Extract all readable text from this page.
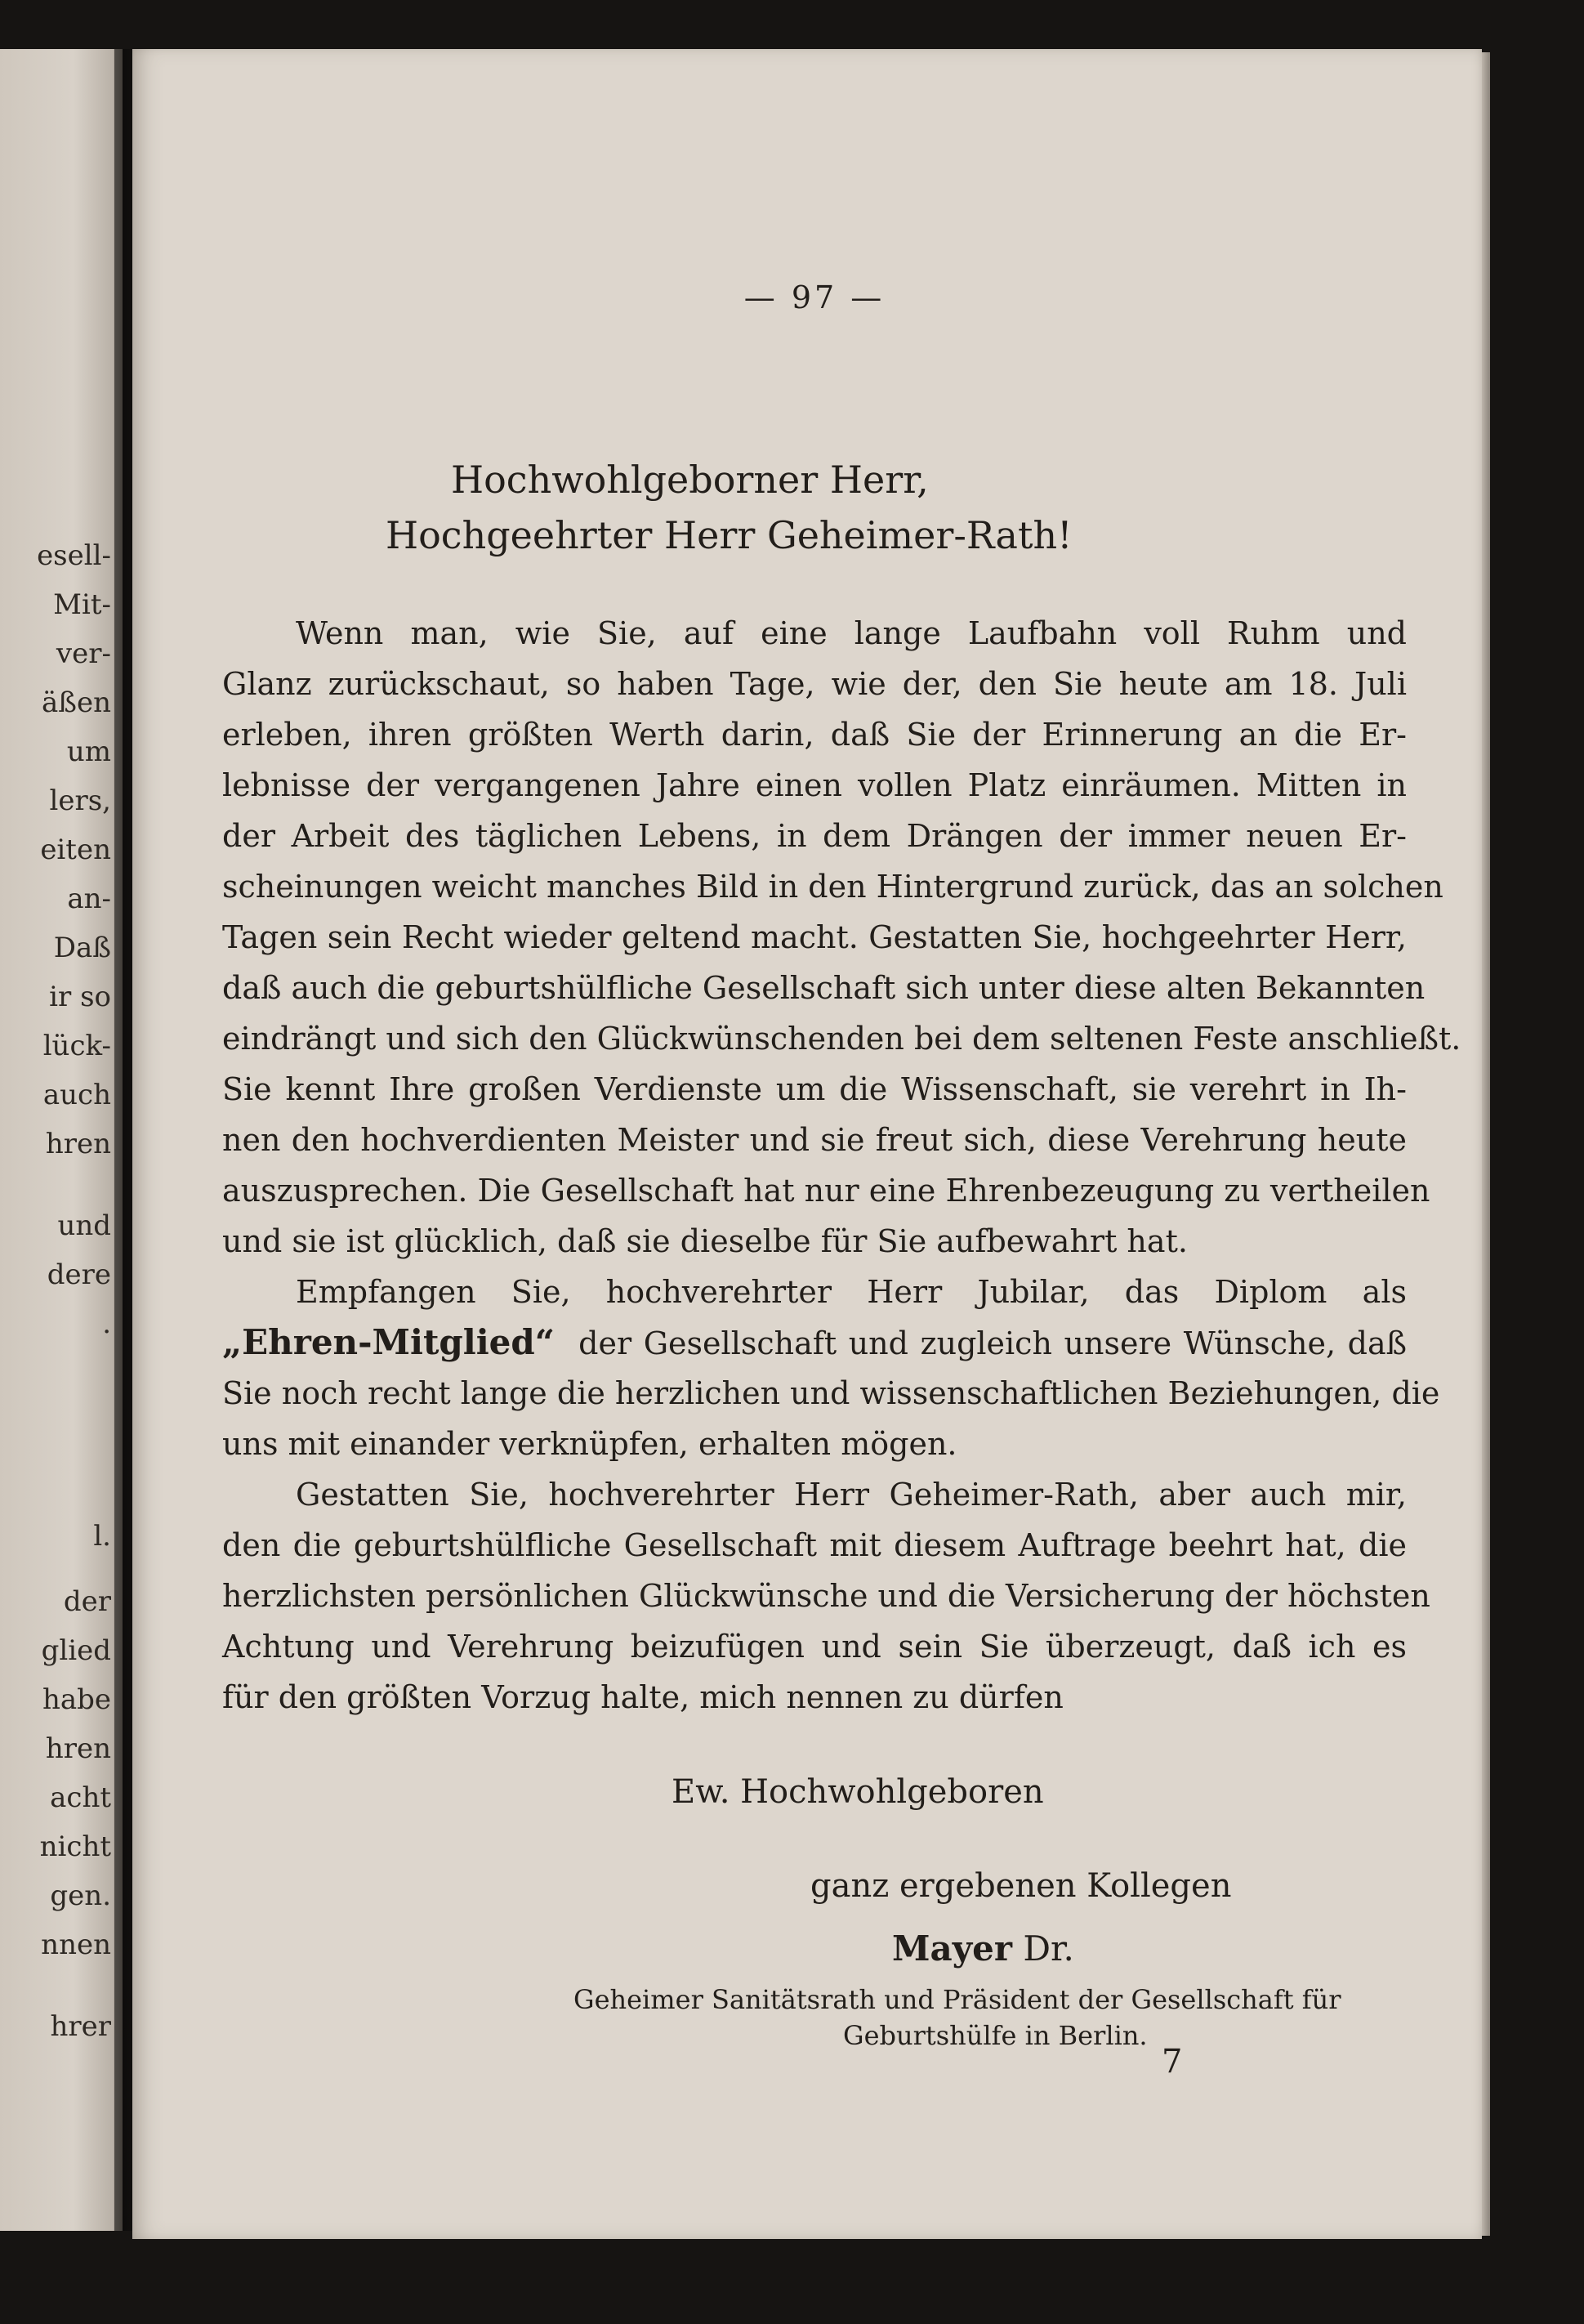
esell-
Mit-
ver-
äßen
um
lers,
eiten
an-
Daß
ir so
lück-
auch
hren
und
dere
.
l.
der
glied
habe
hren
acht
nicht
gen.
nnen
hrer
— 97 —
Hochwohlgeborner Herr,
Hochgeehrter Herr Geheimer-Rath!
Wenn man, wie Sie, auf eine lange Laufbahn voll Ruhm und
Glanz zurückschaut, so haben Tage, wie der, den Sie heute am 18. Juli
erleben, ihren größten Werth darin, daß Sie der Erinnerung an die Er-
lebnisse der vergangenen Jahre einen vollen Platz einräumen. Mitten in
der Arbeit des täglichen Lebens, in dem Drängen der immer neuen Er-
scheinungen weicht manches Bild in den Hintergrund zurück, das an solchen
Tagen sein Recht wieder geltend macht. Gestatten Sie, hochgeehrter Herr,
daß auch die geburtshülfliche Gesellschaft sich unter diese alten Bekannten
eindrängt und sich den Glückwünschenden bei dem seltenen Feste anschließt.
Sie kennt Ihre großen Verdienste um die Wissenschaft, sie verehrt in Ih-
nen den hochverdienten Meister und sie freut sich, diese Verehrung heute
auszusprechen. Die Gesellschaft hat nur eine Ehrenbezeugung zu vertheilen
und sie ist glücklich, daß sie dieselbe für Sie aufbewahrt hat.
Empfangen Sie, hochverehrter Herr Jubilar, das Diplom als
„Ehren-Mitglied“ der Gesellschaft und zugleich unsere Wünsche, daß
Sie noch recht lange die herzlichen und wissenschaftlichen Beziehungen, die
uns mit einander verknüpfen, erhalten mögen.
Gestatten Sie, hochverehrter Herr Geheimer-Rath, aber auch mir,
den die geburtshülfliche Gesellschaft mit diesem Auftrage beehrt hat, die
herzlichsten persönlichen Glückwünsche und die Versicherung der höchsten
Achtung und Verehrung beizufügen und sein Sie überzeugt, daß ich es
für den größten Vorzug halte, mich nennen zu dürfen
Ew. Hochwohlgeboren
ganz ergebenen Kollegen
Mayer Dr.
Geheimer Sanitätsrath und Präsident der Gesellschaft für
Geburtshülfe in Berlin.
7
